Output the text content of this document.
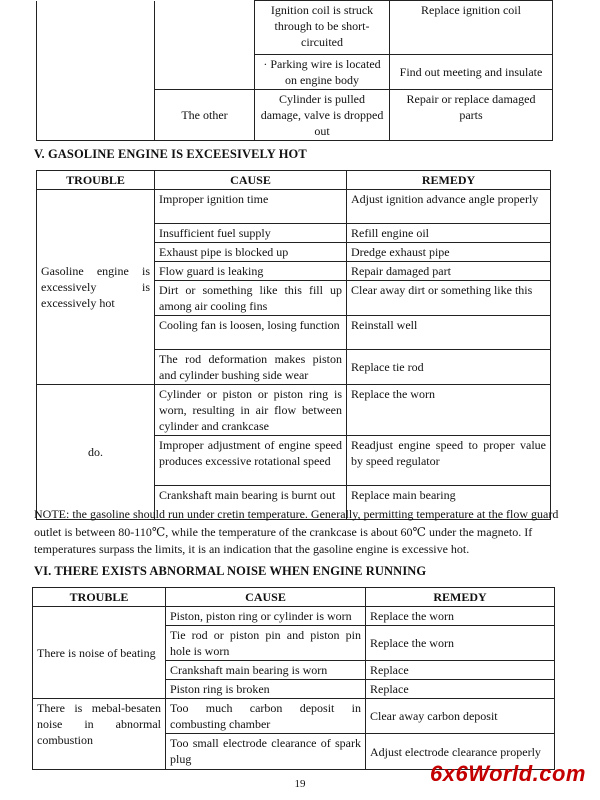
		Ignition coil is struck through to be short-circuited	Replace ignition coil
		· Parking wire is located on engine body	Find out meeting and insulate
	The other	Cylinder is pulled damage, valve is dropped out	Repair or replace damaged parts
V. GASOLINE ENGINE IS EXCEESIVELY HOT
TROUBLE	CAUSE	REMEDY
Gasoline engine is excessively is excessively hot	Improper ignition time	Adjust ignition advance angle properly
	Insufficient fuel supply	Refill engine oil
	Exhaust pipe is blocked up	Dredge exhaust pipe
	Flow guard is leaking	Repair damaged part
	Dirt or something like this fill up among air cooling fins	Clear away dirt or something like this
	Cooling fan is loosen, losing function	Reinstall well
	The rod deformation makes piston and cylinder bushing side wear	Replace tie rod
do.	Cylinder or piston or piston ring is worn, resulting in air flow between cylinder and crankcase	Replace the worn
	Improper adjustment of engine speed produces excessive rotational speed	Readjust engine speed to proper value by speed regulator
	Crankshaft main bearing is burnt out	Replace main bearing

NOTE: the gasoline should run under cretin temperature. Generally, permitting temperature at the flow guard outlet is between 80-110℃, while the temperature of the crankcase is about 60℃ under the magneto. If temperatures surpass the limits, it is an indication that the gasoline engine is excessive hot.

VI. THERE EXISTS ABNORMAL NOISE WHEN ENGINE RUNNING
TROUBLE	CAUSE	REMEDY
There is noise of beating	Piston, piston ring or cylinder is worn	Replace the worn
	Tie rod or piston pin and piston pin hole is worn	Replace the worn
	Crankshaft main bearing is worn	Replace
	Piston ring is broken	Replace
There is mebal-besaten noise in abnormal combustion	Too much carbon deposit in combusting chamber	Clear away carbon deposit
	Too small electrode clearance of spark plug	Adjust electrode clearance properly
19	6x6World.com
